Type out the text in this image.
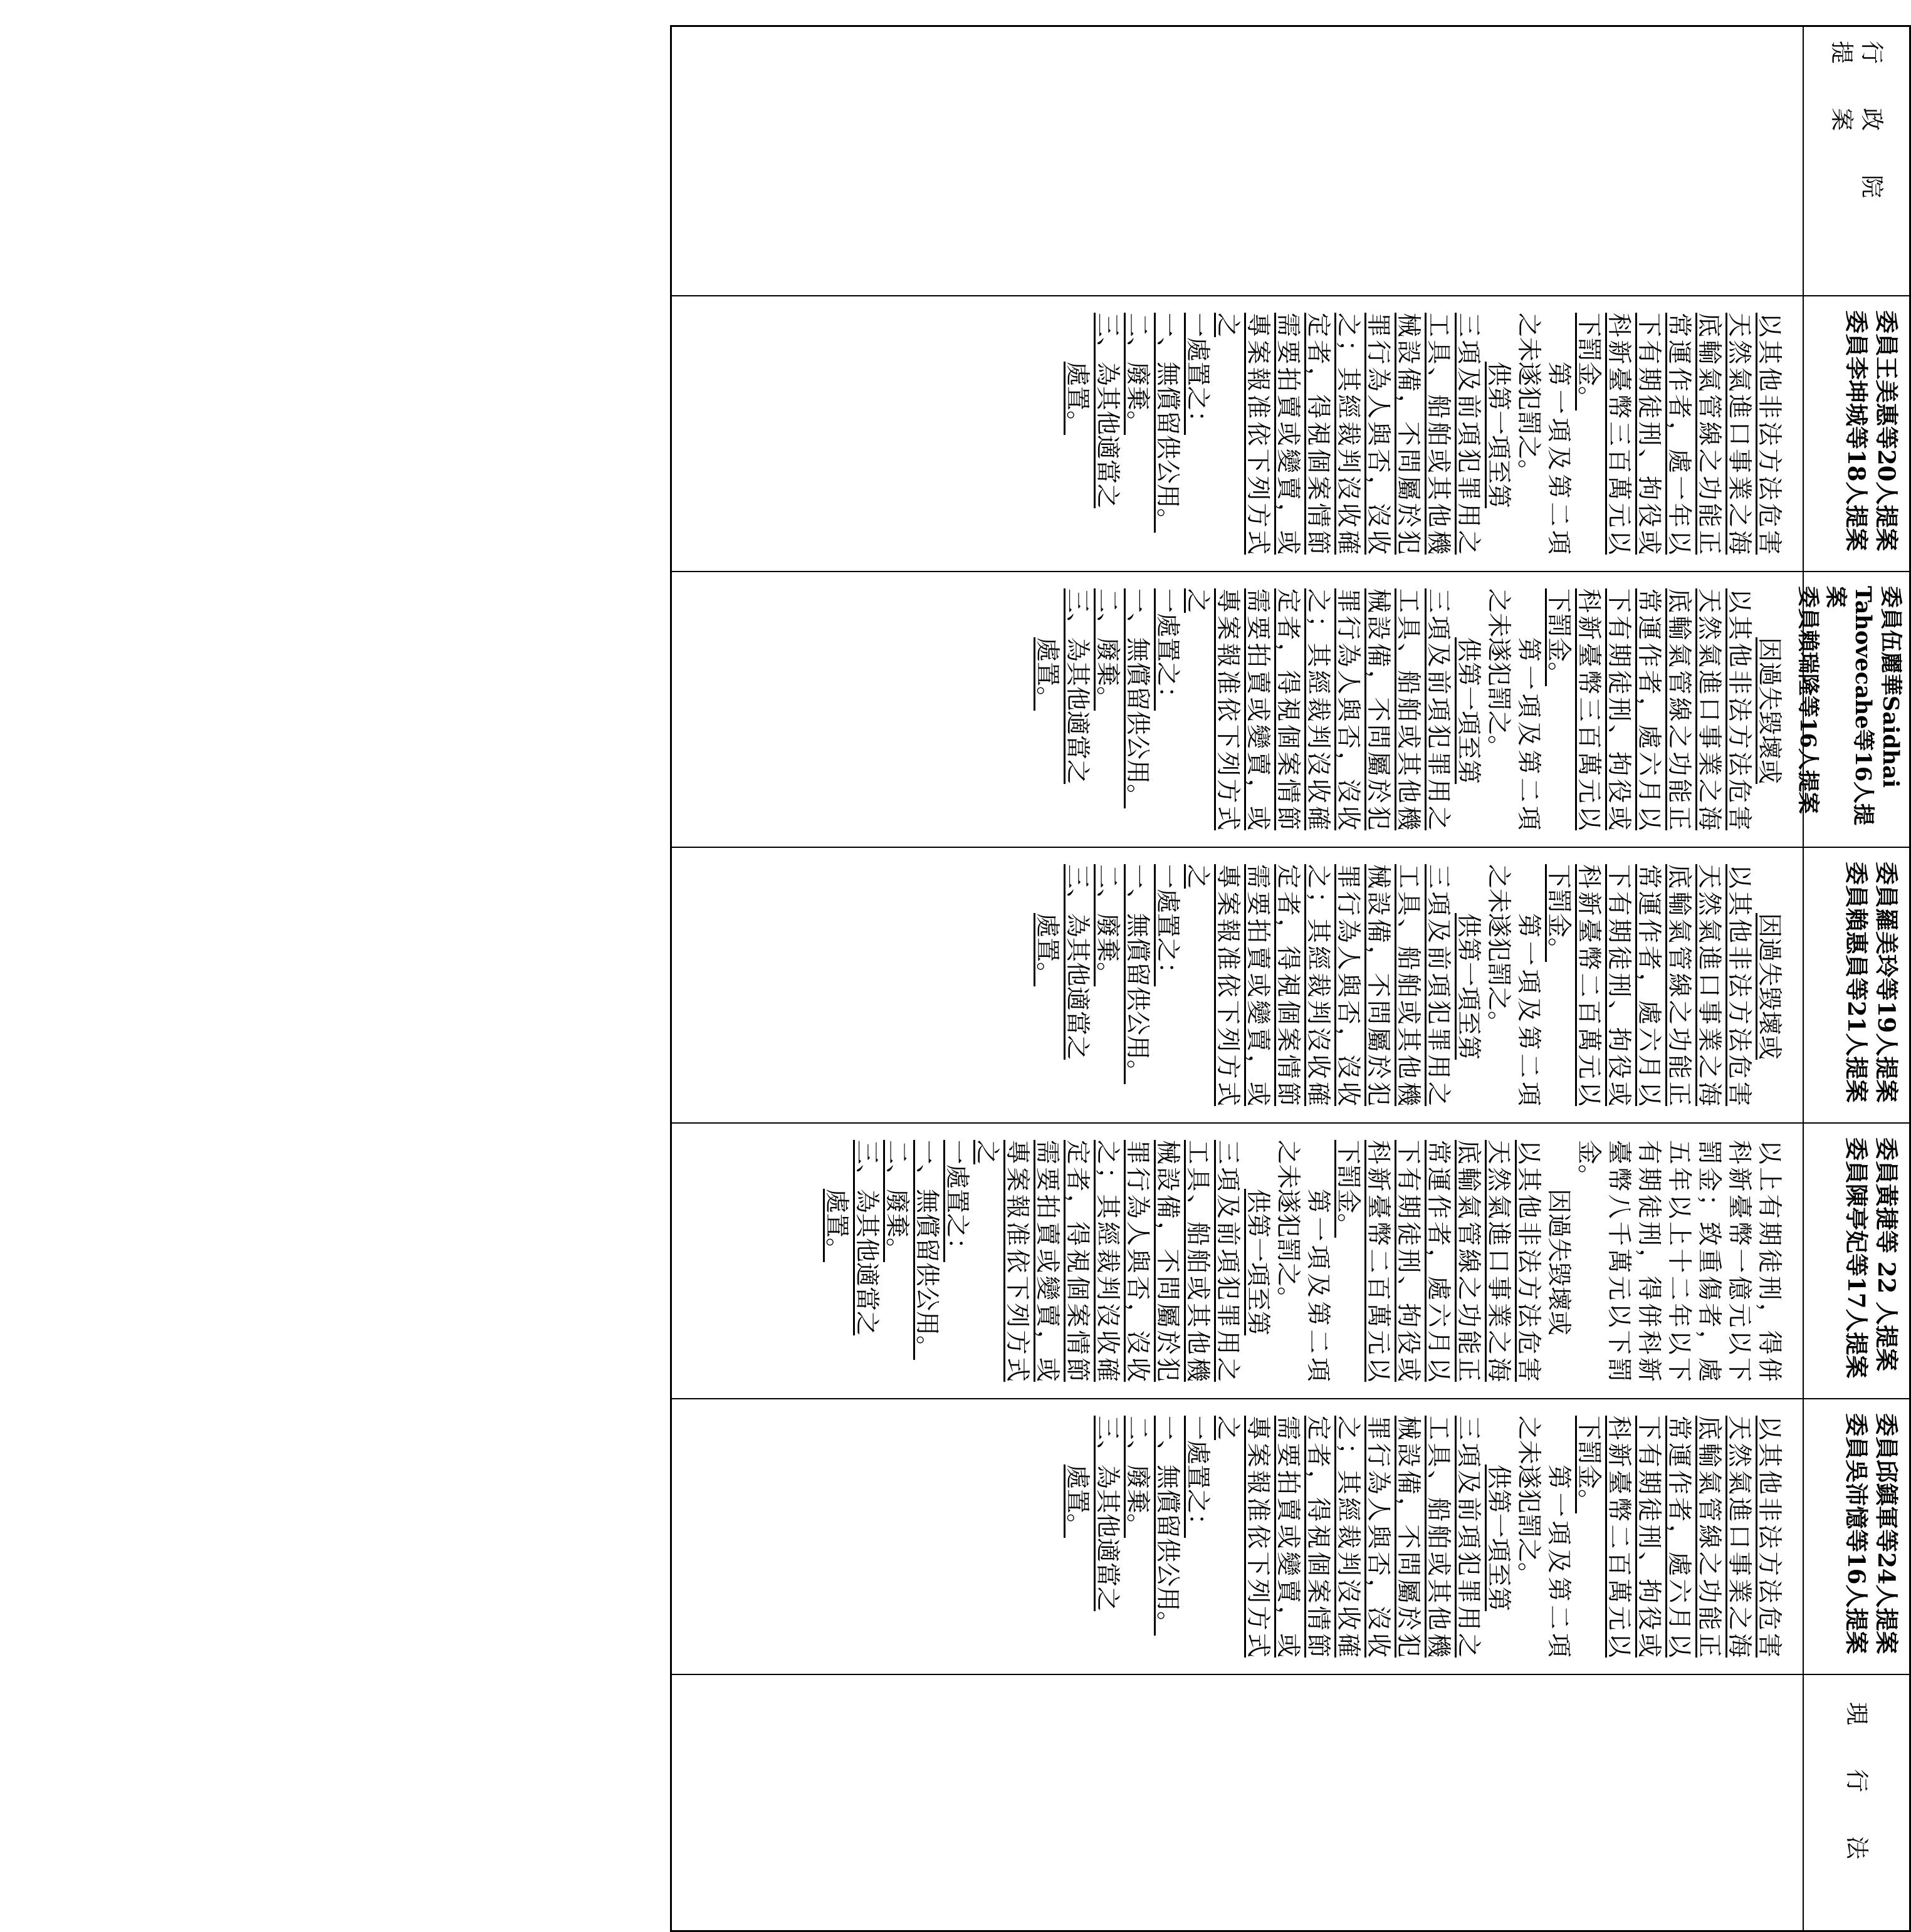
行政院提案
委員王美惠等20人提案
委員李坤城等18人提案
委員伍麗華Saidhai Tahovecahe等16人提案
委員賴瑞隆等16人提案
委員羅美玲等19人提案
委員賴惠員等21人提案
委員黃捷等 22 人提案
委員陳亭妃等17人提案
委員邱鎮軍等24人提案
委員吳沛憶等16人提案
現行法

以其他非法方法危害天然氣進口事業之海底輸氣管線之功能正常運作者，處一年以下有期徒刑、拘役或科新臺幣三百萬元以下罰金。

第一項及第二項之未遂犯罰之。

供第一項至第

三項及前項犯罪用之工具、船舶或其他機械設備，不問屬於犯罪行為人與否，沒收之；其經裁判沒收確定者，得視個案情節需要拍賣或變賣，或專案報准依下列方式之

一處置之：

一、無償留供公用。

二、廢棄。

三、為其他適當之

處置。

因過失毀壞或

以其他非法方法危害天然氣進口事業之海底輸氣管線之功能正常運作者，處六月以下有期徒刑、拘役或科新臺幣三百萬元以下罰金。

第一項及第二項之未遂犯罰之。

供第一項至第

三項及前項犯罪用之工具、船舶或其他機械設備，不問屬於犯罪行為人與否，沒收之；其經裁判沒收確定者，得視個案情節需要拍賣或變賣，或專案報准依下列方式之

一處置之：

一、無償留供公用。

二、廢棄。

三、為其他適當之

處置。

因過失毀壞或

以其他非法方法危害天然氣進口事業之海底輸氣管線之功能正常運作者，處六月以下有期徒刑、拘役或科新臺幣二百萬元以下罰金。

第一項及第二項之未遂犯罰之。

供第一項至第

三項及前項犯罪用之工具、船舶或其他機械設備，不問屬於犯罪行為人與否，沒收之；其經裁判沒收確定者，得視個案情節需要拍賣或變賣，或專案報准依下列方式之

一處置之：

一、無償留供公用。

二、廢棄。

三、為其他適當之

處置。

以上有期徒刑，得併科新臺幣一億元以下罰金；致重傷者，處五年以上十二年以下有期徒刑，得併科新臺幣八千萬元以下罰金。

因過失毀壞或

以其他非法方法危害天然氣進口事業之海底輸氣管線之功能正常運作者，處六月以下有期徒刑、拘役或科新臺幣二百萬元以下罰金。

第一項及第二項之未遂犯罰之。

供第一項至第

三項及前項犯罪用之工具、船舶或其他機械設備，不問屬於犯罪行為人與否，沒收之；其經裁判沒收確定者，得視個案情節需要拍賣或變賣，或專案報准依下列方式之

一處置之：

一、無償留供公用。

二、廢棄。

三、為其他適當之

處置。

以其他非法方法危害天然氣進口事業之海底輸氣管線之功能正常運作者，處六月以下有期徒刑、拘役或科新臺幣二百萬元以下罰金。

第一項及第二項之未遂犯罰之。

供第一項至第

三項及前項犯罪用之工具、船舶或其他機械設備，不問屬於犯罪行為人與否，沒收之；其經裁判沒收確定者，得視個案情節需要拍賣或變賣，或專案報准依下列方式之

一處置之：

一、無償留供公用。

二、廢棄。

三、為其他適當之

處置。
